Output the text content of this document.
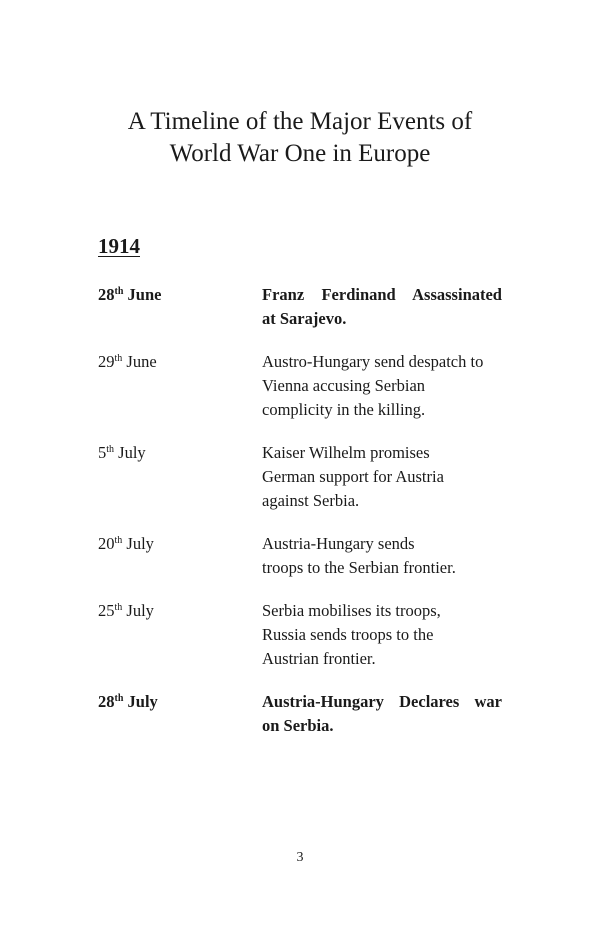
A Timeline of the Major Events of
World War One in Europe
1914
28th June	Franz Ferdinand Assassinated
at Sarajevo.
29th June	Austro-Hungary send despatch to
Vienna accusing Serbian
complicity in the killing.
5th July	Kaiser Wilhelm promises
German support for Austria
against Serbia.
20th July	Austria-Hungary sends
troops to the Serbian frontier.
25th July	Serbia mobilises its troops,
Russia sends troops to the
Austrian frontier.
28th July	Austria-Hungary Declares war
on Serbia.
3
